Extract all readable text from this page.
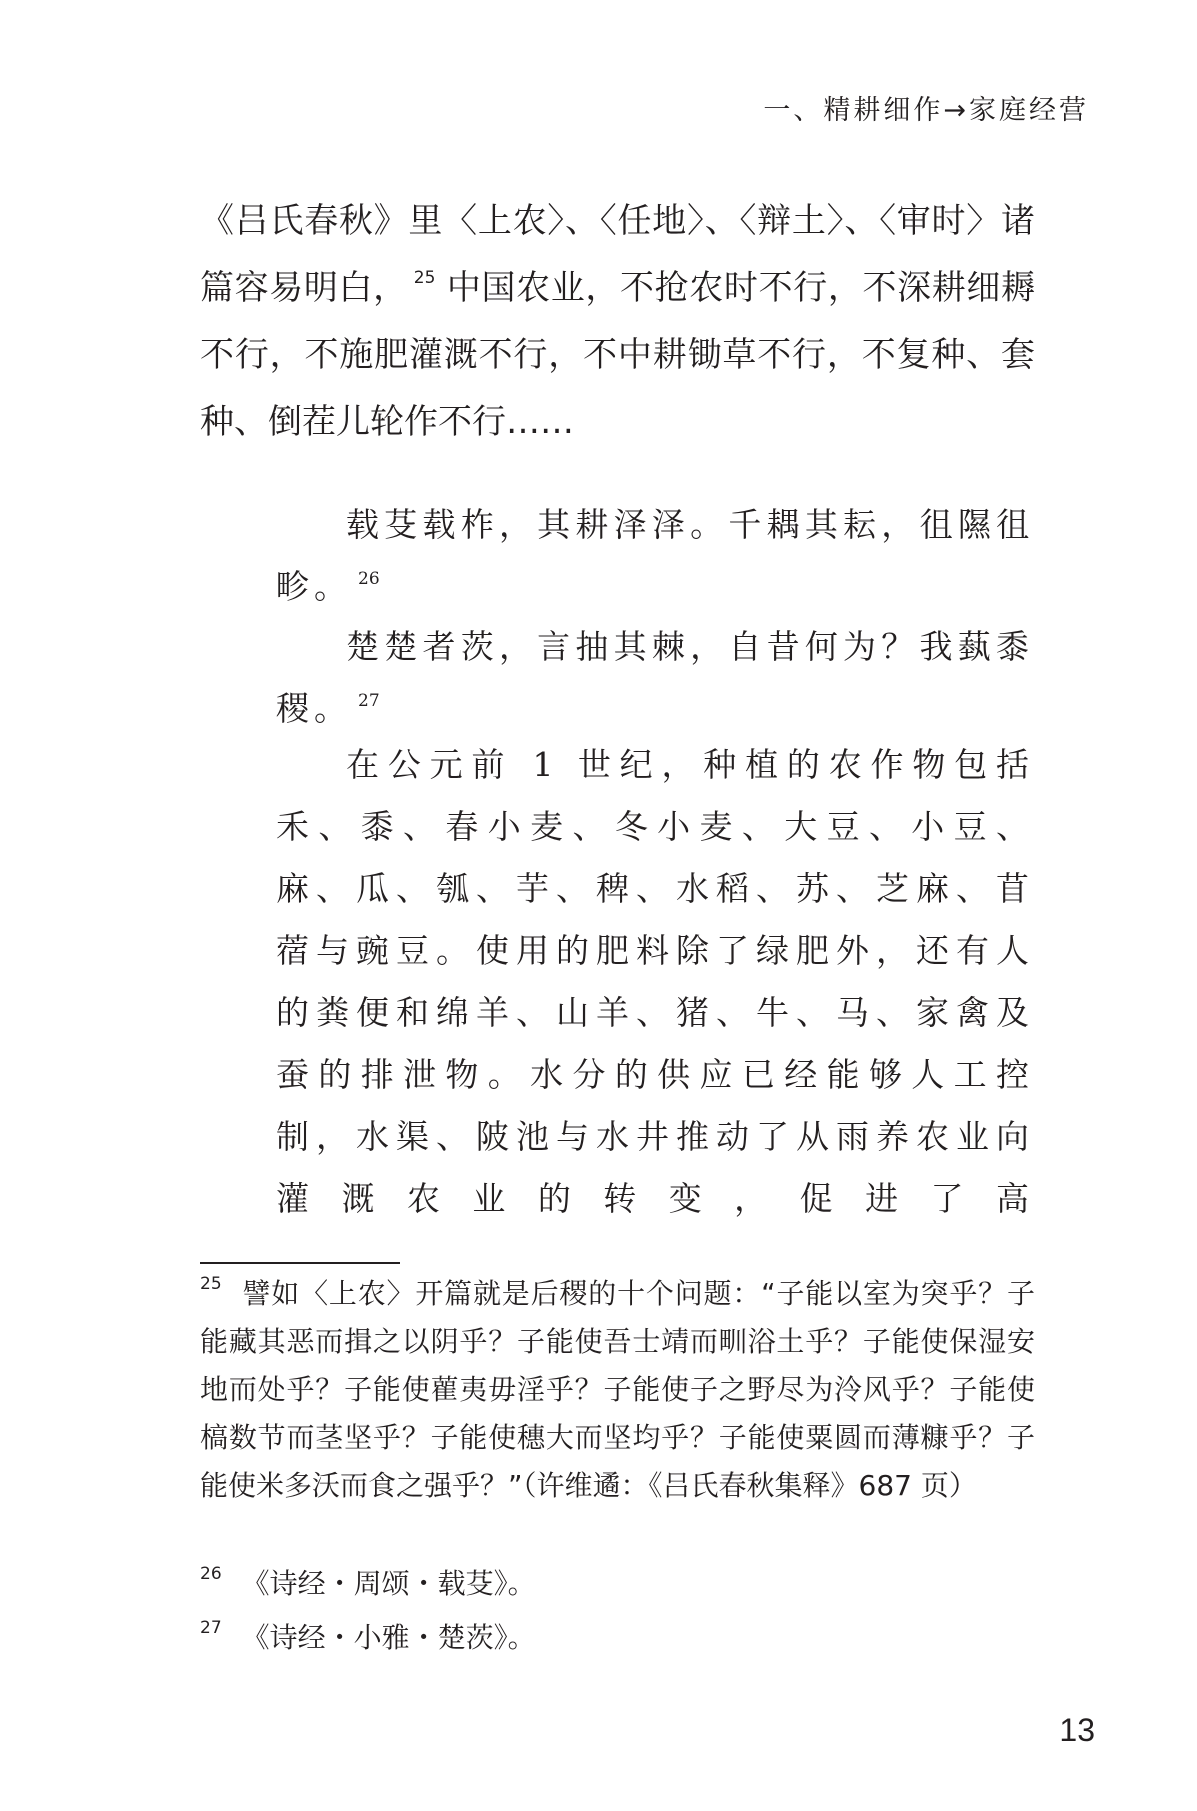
一、精耕细作→家庭经营

《吕氏春秋》里〈上农〉、〈任地〉、〈辩土〉、〈审时〉诸篇容易明白， $^{25}$ 中国农业，不抢农时不行，不深耕细耨不行，不施肥灌溉不行，不中耕锄草不行，不复种、套种、倒茬儿轮作不行……

载芟载柞，其耕泽泽。千耦其耘，徂隰徂畛。 $^{26}$

楚楚者茨，言抽其棘，自昔何为？我蓺黍稷。 $^{27}$

在公元前 1 世纪，种植的农作物包括禾、黍、春小麦、冬小麦、大豆、小豆、麻、瓜、瓠、芋、稗、水稻、苏、芝麻、苜蓿与豌豆。使用的肥料除了绿肥外，还有人的粪便和绵羊、山羊、猪、牛、马、家禽及蚕的排泄物。水分的供应已经能够人工控制，水渠、陂池与水井推动了从雨养农业向灌溉农业的转变，促进了高

$^{25}$ 譬如〈上农〉开篇就是后稷的十个问题：“子能以室为突乎？子能藏其恶而揖之以阴乎？子能使吾士靖而甽浴土乎？子能使保湿安地而处乎？子能使雚夷毋淫乎？子能使子之野尽为泠风乎？子能使槁数节而茎坚乎？子能使穗大而坚均乎？子能使粟圆而薄糠乎？子能使米多沃而食之强乎？”（许维遹：《吕氏春秋集释》687 页）

$^{26}$ 《诗经・周颂・载芟》。

$^{27}$ 《诗经・小雅・楚茨》。

13
